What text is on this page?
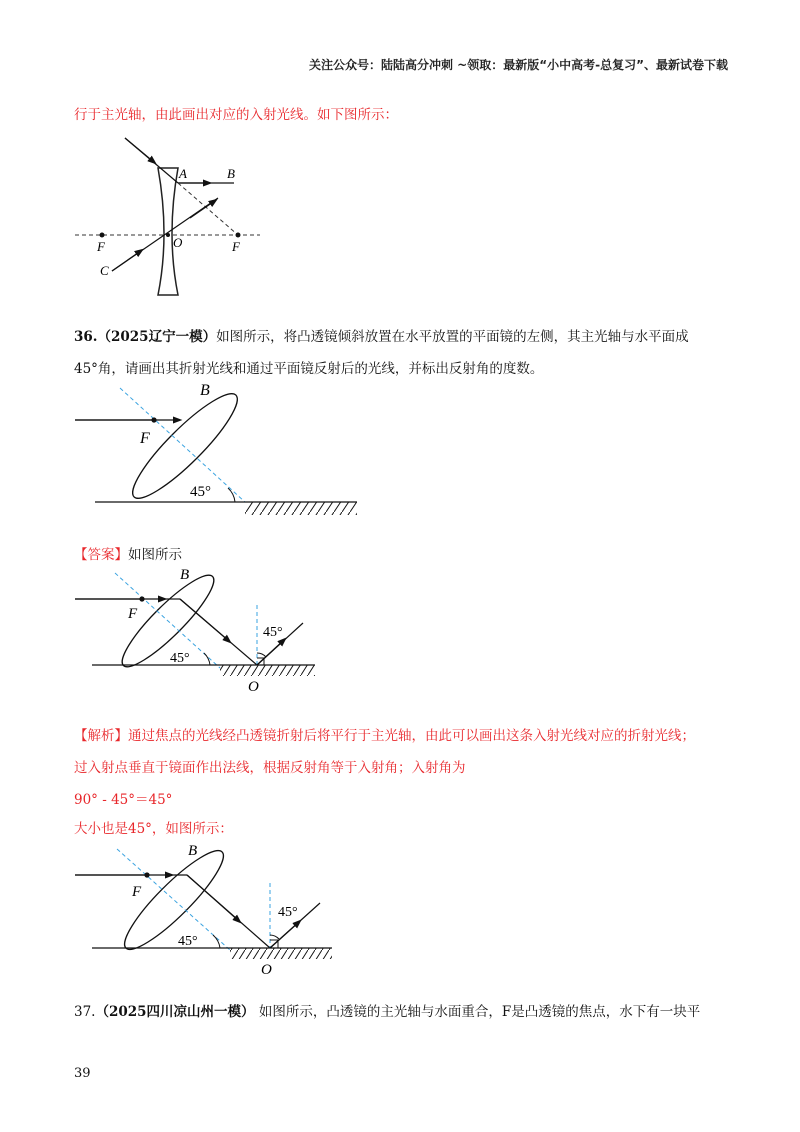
关注公众号：陆陆高分冲刺 ~领取：最新版“小中高考-总复习”、最新试卷下载
行于主光轴，由此画出对应的入射光线。如下图所示：
A	B
C
F	O	F
36.（2025辽宁一模）如图所示，将凸透镜倾斜放置在水平放置的平面镜的左侧，其主光轴与水平面成
45°角，请画出其折射光线和通过平面镜反射后的光线，并标出反射角的度数。
B
F
45°
【答案】如图所示
B
F
45°
45°
O
【解析】通过焦点的光线经凸透镜折射后将平行于主光轴，由此可以画出这条入射光线对应的折射光线；
过入射点垂直于镜面作出法线，根据反射角等于入射角；入射角为
90° - 45°＝45°
大小也是45°，如图所示：
B
F
45°
45°
O
37.（2025四川凉山州一模） 如图所示，凸透镜的主光轴与水面重合，F是凸透镜的焦点，水下有一块平
39
